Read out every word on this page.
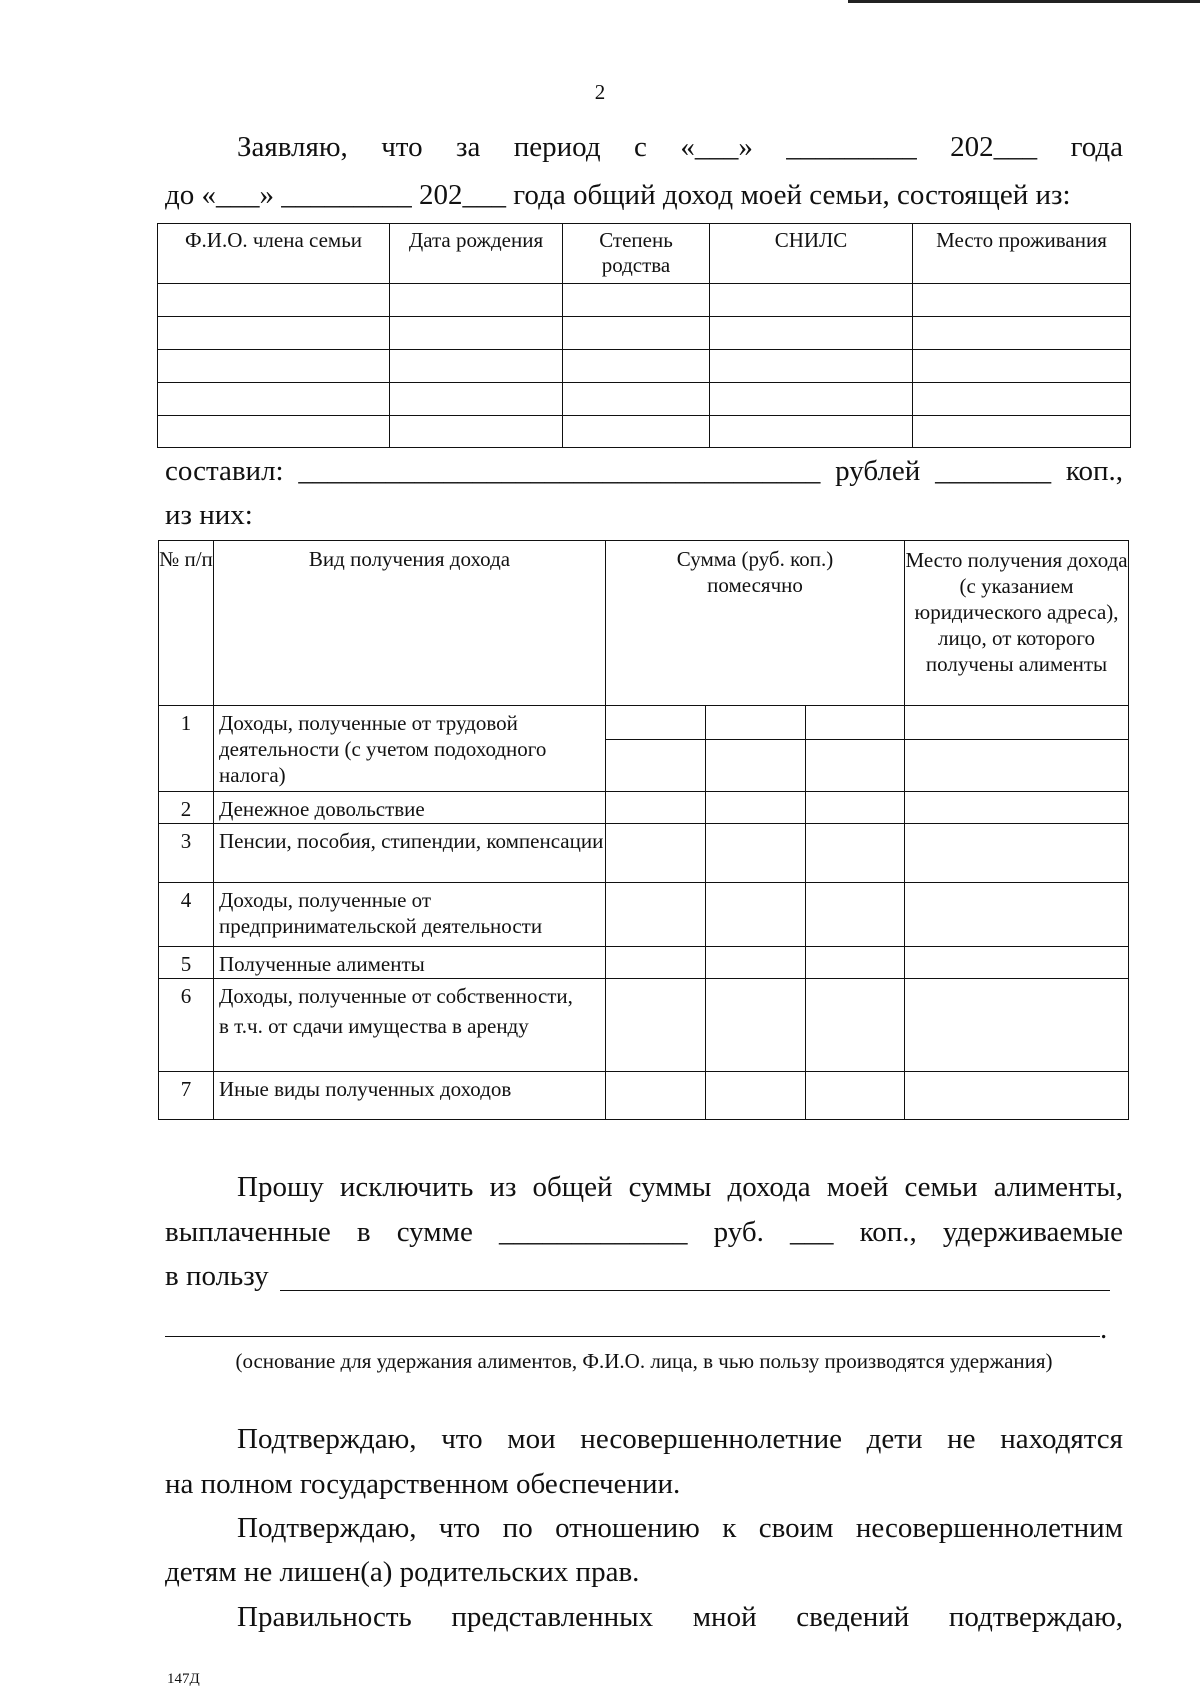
2
Заявляю, что за период с «___» _________ 202___ года
до «___» _________ 202___ года общий доход моей семьи, состоящей из:
Ф.И.О. члена семьи	Дата рождения	Степень родства	СНИЛС	Место проживания

составил: ____________________________________ рублей ________ коп.,
из них:
№ п/п	Вид получения дохода	Сумма (руб. коп.) помесячно			Место получения дохода (с указанием юридического адреса), лицо, от которого получены алименты
1	Доходы, полученные от трудовой деятельности (с учетом подоходного налога)				

2	Денежное довольствие				
3	Пенсии, пособия, стипендии, компенсации				
4	Доходы, полученные от предпринимательской деятельности				
5	Полученные алименты				
6	Доходы, полученные от собственности,
в т.ч. от сдачи имущества в аренду				

7	Иные виды полученных доходов				
Прошу исключить из общей суммы дохода моей семьи алименты,
выплаченные в сумме _____________ руб. ___ коп., удерживаемые
в пользу
.
(основание для удержания алиментов, Ф.И.О. лица, в чью пользу производятся удержания)
Подтверждаю, что мои несовершеннолетние дети не находятся
на полном государственном обеспечении.
Подтверждаю, что по отношению к своим несовершеннолетним
детям не лишен(а) родительских прав.
Правильность представленных мной сведений подтверждаю,
147Д
